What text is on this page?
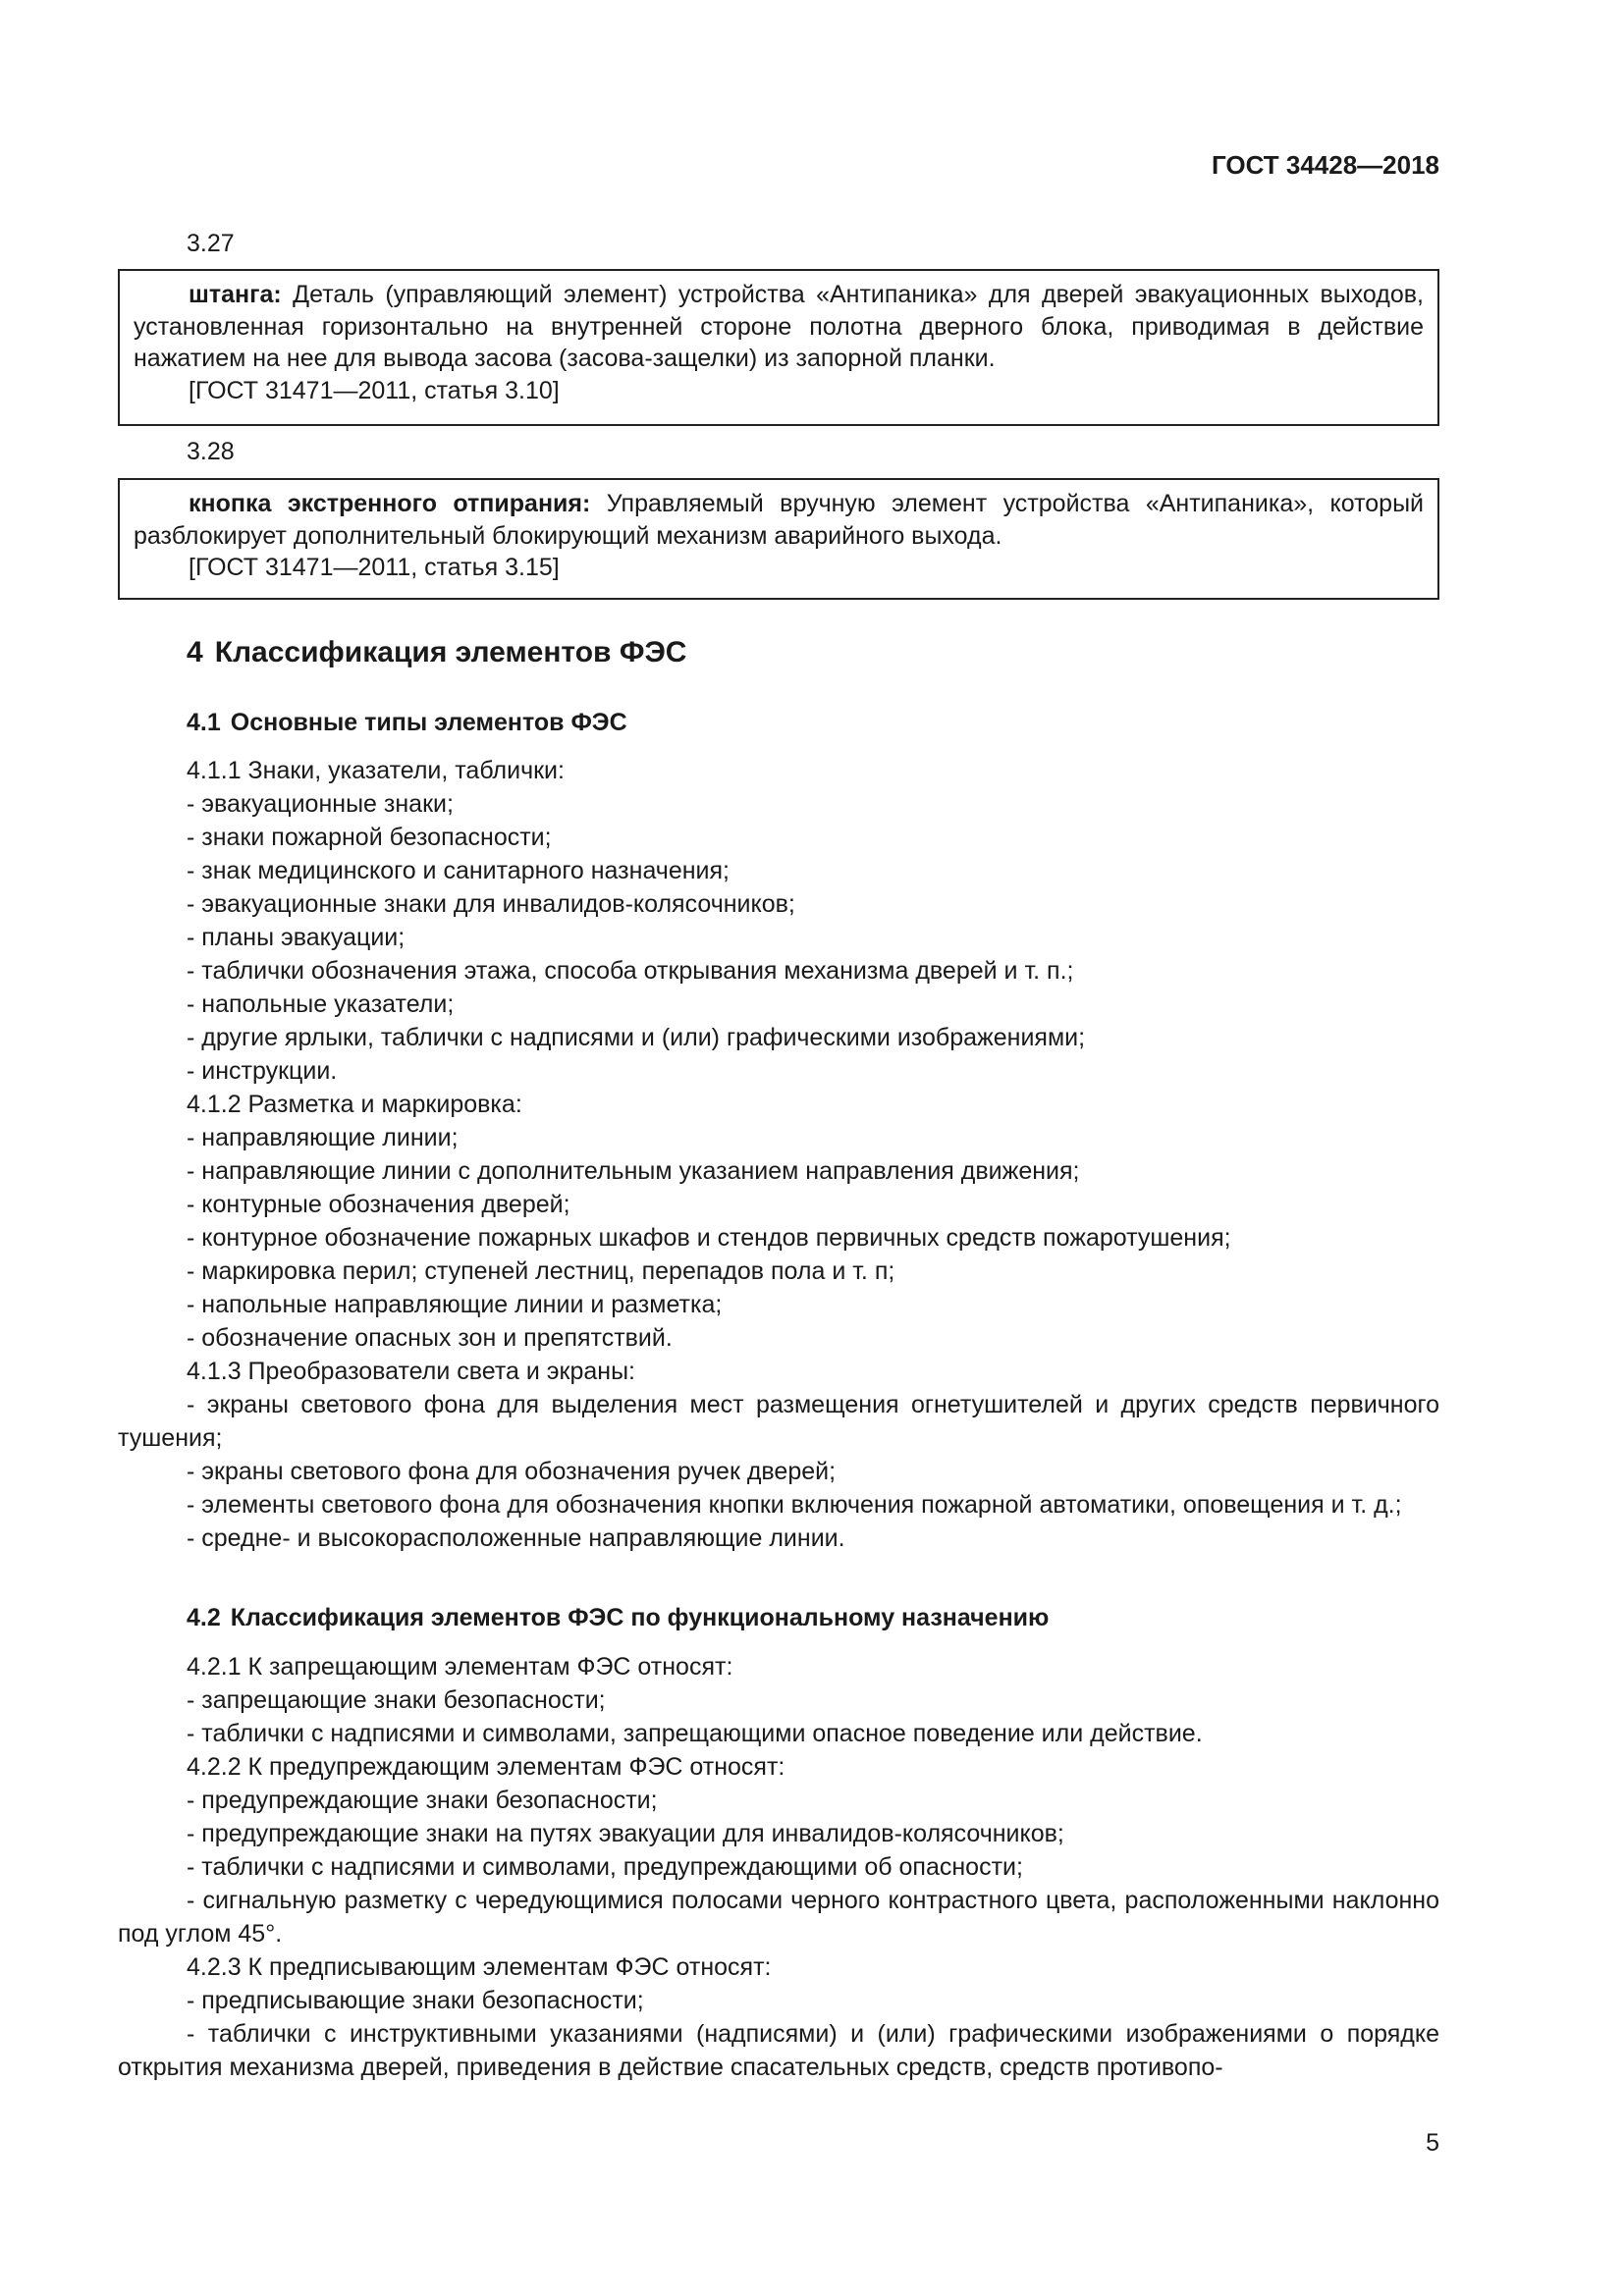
ГОСТ 34428—2018
3.27

штанга: Деталь (управляющий элемент) устройства «Антипаника» для дверей эвакуационных выходов, установленная горизонтально на внутренней стороне полотна дверного блока, приводимая в действие нажатием на нее для вывода засова (засова-защелки) из запорной планки.

[ГОСТ 31471—2011, статья 3.10]

3.28

кнопка экстренного отпирания: Управляемый вручную элемент устройства «Антипаника», который разблокирует дополнительный блокирующий механизм аварийного выхода.

[ГОСТ 31471—2011, статья 3.15]

4 Классификация элементов ФЭС
4.1 Основные типы элементов ФЭС

4.1.1 Знаки, указатели, таблички:

- эвакуационные знаки;

- знаки пожарной безопасности;

- знак медицинского и санитарного назначения;

- эвакуационные знаки для инвалидов-колясочников;

- планы эвакуации;

- таблички обозначения этажа, способа открывания механизма дверей и т. п.;

- напольные указатели;

- другие ярлыки, таблички с надписями и (или) графическими изображениями;

- инструкции.

4.1.2 Разметка и маркировка:

- направляющие линии;

- направляющие линии с дополнительным указанием направления движения;

- контурные обозначения дверей;

- контурное обозначение пожарных шкафов и стендов первичных средств пожаротушения;

- маркировка перил; ступеней лестниц, перепадов пола и т. п;

- напольные направляющие линии и разметка;

- обозначение опасных зон и препятствий.

4.1.3 Преобразователи света и экраны:

- экраны светового фона для выделения мест размещения огнетушителей и других средств первичного тушения;

- экраны светового фона для обозначения ручек дверей;

- элементы светового фона для обозначения кнопки включения пожарной автоматики, оповещения и т. д.;

- средне- и высокорасположенные направляющие линии.

4.2 Классификация элементов ФЭС по функциональному назначению

4.2.1 К запрещающим элементам ФЭС относят:

- запрещающие знаки безопасности;

- таблички с надписями и символами, запрещающими опасное поведение или действие.

4.2.2 К предупреждающим элементам ФЭС относят:

- предупреждающие знаки безопасности;

- предупреждающие знаки на путях эвакуации для инвалидов-колясочников;

- таблички с надписями и символами, предупреждающими об опасности;

- сигнальную разметку с чередующимися полосами черного контрастного цвета, расположенными наклонно под углом 45°.

4.2.3 К предписывающим элементам ФЭС относят:

- предписывающие знаки безопасности;

- таблички с инструктивными указаниями (надписями) и (или) графическими изображениями о порядке открытия механизма дверей, приведения в действие спасательных средств, средств противопо-

5
